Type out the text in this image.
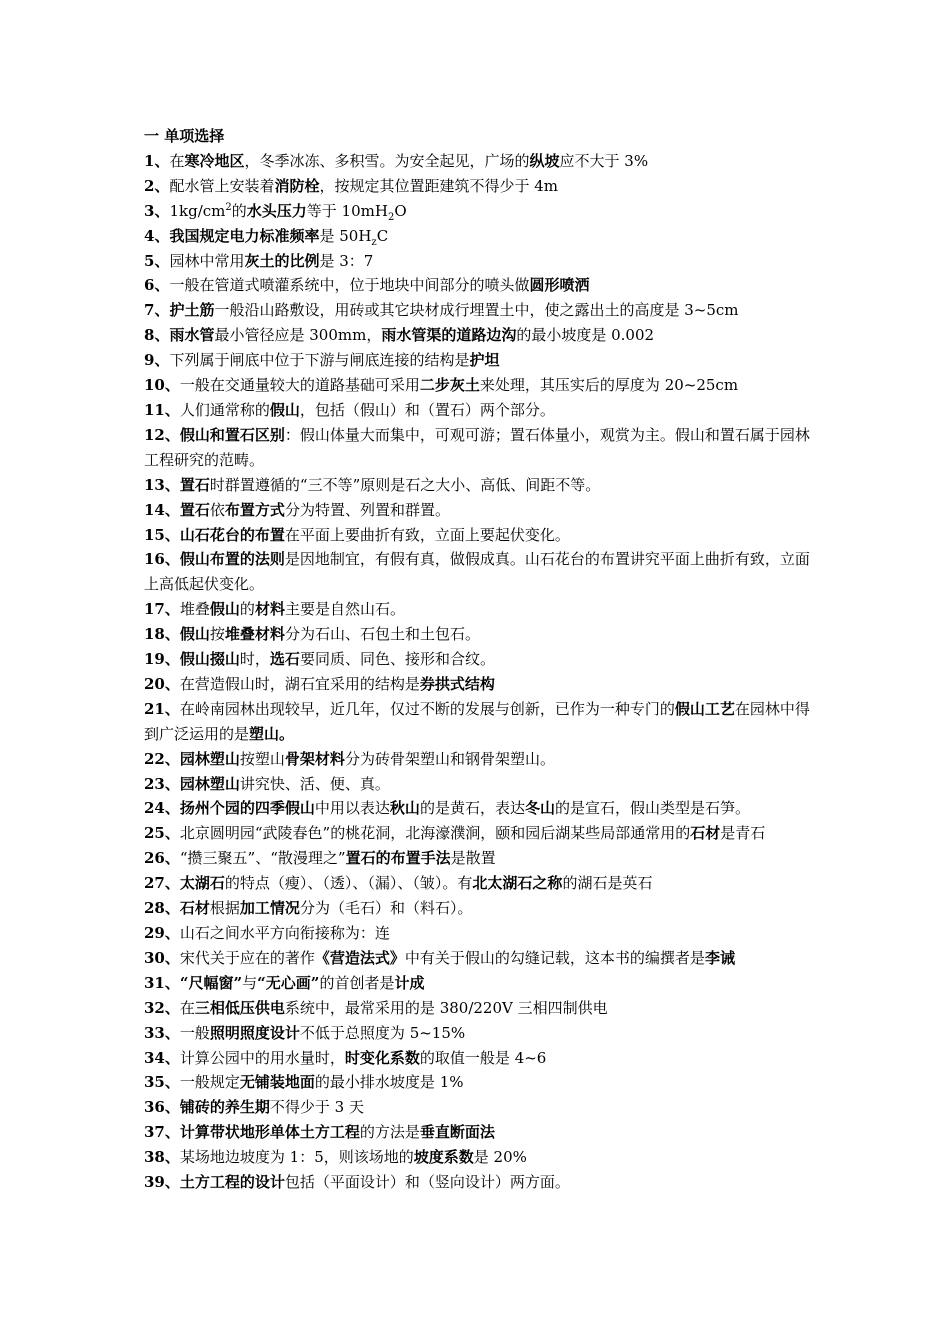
一 单项选择
1、在寒冷地区，冬季冰冻、多积雪。为安全起见，广场的纵坡应不大于 3%
2、配水管上安装着消防栓，按规定其位置距建筑不得少于 4m
3、$1kg/cm^2$的水头压力等于 $10mH_2O$
4、我国规定电力标准频率是 $50H_zC$
5、园林中常用灰土的比例是 3：7
6、一般在管道式喷灌系统中，位于地块中间部分的喷头做圆形喷洒
7、护土筋一般沿山路敷设，用砖或其它块材成行埋置土中，使之露出土的高度是 3~5cm
8、雨水管最小管径应是 300mm，雨水管渠的道路边沟的最小坡度是 0.002
9、下列属于闸底中位于下游与闸底连接的结构是护坦
10、一般在交通量较大的道路基础可采用二步灰土来处理，其压实后的厚度为 20~25cm
11、人们通常称的假山，包括（假山）和（置石）两个部分。
12、假山和置石区别：假山体量大而集中，可观可游；置石体量小，观赏为主。假山和置石属于园林工程研究的范畴。
13、置石时群置遵循的“三不等”原则是石之大小、高低、间距不等。
14、置石依布置方式分为特置、列置和群置。
15、山石花台的布置在平面上要曲折有致，立面上要起伏变化。
16、假山布置的法则是因地制宜，有假有真，做假成真。山石花台的布置讲究平面上曲折有致，立面上高低起伏变化。
17、堆叠假山的材料主要是自然山石。
18、假山按堆叠材料分为石山、石包土和土包石。
19、假山掇山时，选石要同质、同色、接形和合纹。
20、在营造假山时，湖石宜采用的结构是券拱式结构
21、在岭南园林出现较早，近几年，仅过不断的发展与创新，已作为一种专门的假山工艺在园林中得到广泛运用的是塑山。
22、园林塑山按塑山骨架材料分为砖骨架塑山和钢骨架塑山。
23、园林塑山讲究快、活、便、真。
24、扬州个园的四季假山中用以表达秋山的是黄石，表达冬山的是宣石，假山类型是石笋。
25、北京圆明园“武陵春色”的桃花洞，北海濠濮涧，颐和园后湖某些局部通常用的石材是青石
26、“攒三聚五”、“散漫理之”置石的布置手法是散置
27、太湖石的特点（瘦）、（透）、（漏）、（皱）。有北太湖石之称的湖石是英石
28、石材根据加工情况分为（毛石）和（料石）。
29、山石之间水平方向衔接称为：连
30、宋代关于应在的著作《营造法式》中有关于假山的勾缝记载，这本书的编撰者是李诫
31、“尺幅窗”与“无心画”的首创者是计成
32、在三相低压供电系统中，最常采用的是 380/220V 三相四制供电
33、一般照明照度设计不低于总照度为 5~15%
34、计算公园中的用水量时，时变化系数的取值一般是 4~6
35、一般规定无铺装地面的最小排水坡度是 1%
36、铺砖的养生期不得少于 3 天
37、计算带状地形单体土方工程的方法是垂直断面法
38、某场地边坡度为 1：5，则该场地的坡度系数是 20%
39、土方工程的设计包括（平面设计）和（竖向设计）两方面。
